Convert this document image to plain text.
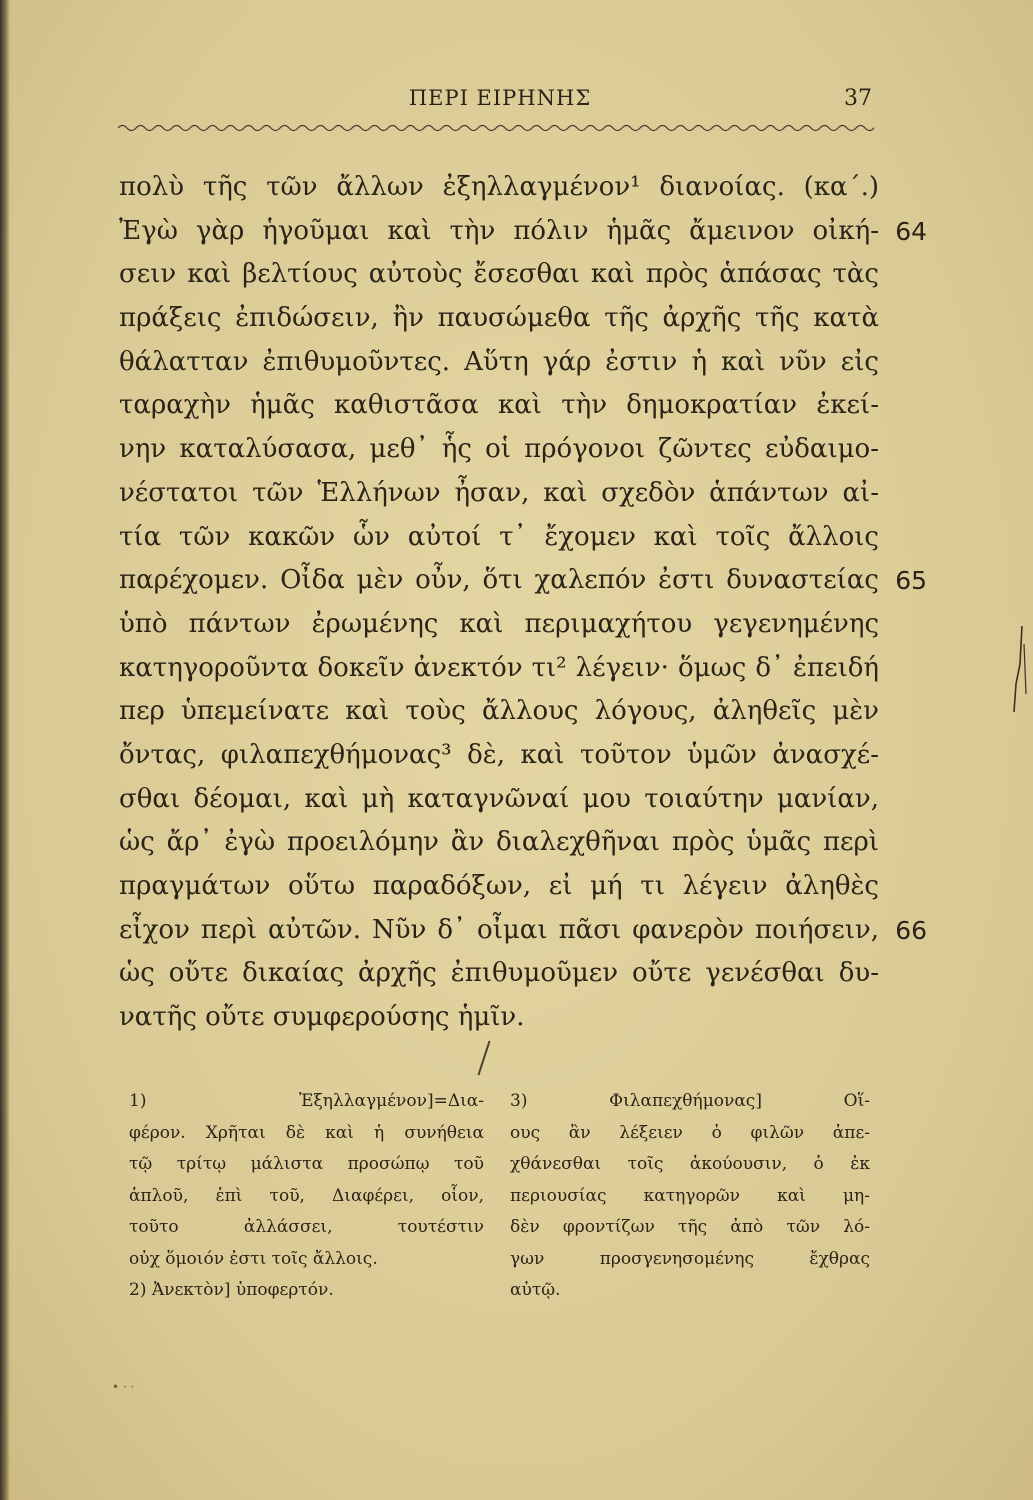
ΠΕΡΙ ΕΙΡΗΝΗΣ	37
πολὺ τῆς τῶν ἄλλων ἐξηλλαγμένον¹ διανοίας. (κα΄.)
Ἐγὼ γὰρ ἡγοῦμαι καὶ τὴν πόλιν ἡμᾶς ἄμεινον οἰκή- 64
σειν καὶ βελτίους αὐτοὺς ἔσεσθαι καὶ πρὸς ἁπάσας τὰς
πράξεις ἐπιδώσειν, ἢν παυσώμεθα τῆς ἀρχῆς τῆς κατὰ
θάλατταν ἐπιθυμοῦντες. Αὕτη γάρ ἐστιν ἡ καὶ νῦν εἰς
ταραχὴν ἡμᾶς καθιστᾶσα καὶ τὴν δημοκρατίαν ἐκεί-
νην καταλύσασα, μεθ᾽ ἧς οἱ πρόγονοι ζῶντες εὐδαιμο-
νέστατοι τῶν Ἑλλήνων ἦσαν, καὶ σχεδὸν ἁπάντων αἰ-
τία τῶν κακῶν ὧν αὐτοί τ᾽ ἔχομεν καὶ τοῖς ἄλλοις
παρέχομεν. Οἶδα μὲν οὖν, ὅτι χαλεπόν ἐστι δυναστείας 65
ὑπὸ πάντων ἐρωμένης καὶ περιμαχήτου γεγενημένης
κατηγοροῦντα δοκεῖν ἀνεκτόν τι² λέγειν· ὅμως δ᾽ ἐπειδή
περ ὑπεμείνατε καὶ τοὺς ἄλλους λόγους, ἀληθεῖς μὲν
ὄντας, φιλαπεχθήμονας³ δὲ, καὶ τοῦτον ὑμῶν ἀνασχέ-
σθαι δέομαι, καὶ μὴ καταγνῶναί μου τοιαύτην μανίαν,
ὡς ἄρ᾽ ἐγὼ προειλόμην ἂν διαλεχθῆναι πρὸς ὑμᾶς περὶ
πραγμάτων οὕτω παραδόξων, εἰ μή τι λέγειν ἀληθὲς
εἶχον περὶ αὐτῶν. Νῦν δ᾽ οἶμαι πᾶσι φανερὸν ποιήσειν, 66
ὡς οὔτε δικαίας ἀρχῆς ἐπιθυμοῦμεν οὔτε γενέσθαι δυ-
νατῆς οὔτε συμφερούσης ἡμῖν.
1) Ἐξηλλαγμένον]=Δια-
φέρον. Χρῆται δὲ καὶ ἡ συνήθεια
τῷ τρίτῳ μάλιστα προσώπῳ τοῦ
ἁπλοῦ, ἐπὶ τοῦ, Διαφέρει, οἷον,
τοῦτο ἀλλάσσει, τουτέστιν
οὐχ ὅμοιόν ἐστι τοῖς ἄλλοις.
2) Ἀνεκτὸν] ὑποφερτόν.
3) Φιλαπεχθήμονας] Οἵ-
ους ἂν λέξειεν ὁ φιλῶν ἀπε-
χθάνεσθαι τοῖς ἀκούουσιν, ὁ ἐκ
περιουσίας κατηγορῶν καὶ μη-
δὲν φροντίζων τῆς ἀπὸ τῶν λό-
γων προσγενησομένης ἔχθρας
αὐτῷ.
• · ·
